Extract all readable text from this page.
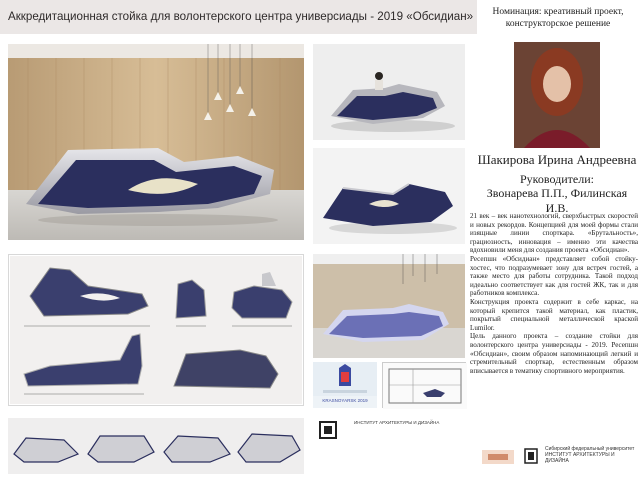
Аккредитационная стойка для волонтерского центра универсиады - 2019 «Обсидиан»	Номинация: креативный проект, конструкторское решение
KRASNOYARSK 2019
ИНСТИТУТ АРХИТЕКТУРЫ И ДИЗАЙНА
Шакирова Ирина Андреевна
Руководители:
Звонарева П.П., Филинская И.В.

21 век – век нанотехнологий, сверхбыстрых скоростей и новых рекордов. Концепцией для моей формы стали изящные линии спорткара. «Брутальность», грациозность, инновация – именно эти качества вдохновили меня для создания проекта «Обсидиан».

Ресепшн «Обсидиан» представляет собой стойку-хостес, что подразумевает зону для встреч гостей, а также место для работы сотрудника. Такой подход идеально соответствует как для гостей ЖК, так и для работников комплекса.

Конструкция проекта содержит в себе каркас, на который крепится такой материал, как пластик, покрытый специальной металлической краской Lumilor.

Цель данного проекта – создание стойки для волонтерского центра универсиады - 2019. Ресепшн «Обсидиан», своим образом напоминающий легкий и стремительный спорткар, естественным образом вписывается в тематику спортивного мероприятия.

Сибирский федеральный университет
ИНСТИТУТ АРХИТЕКТУРЫ И ДИЗАЙНА
